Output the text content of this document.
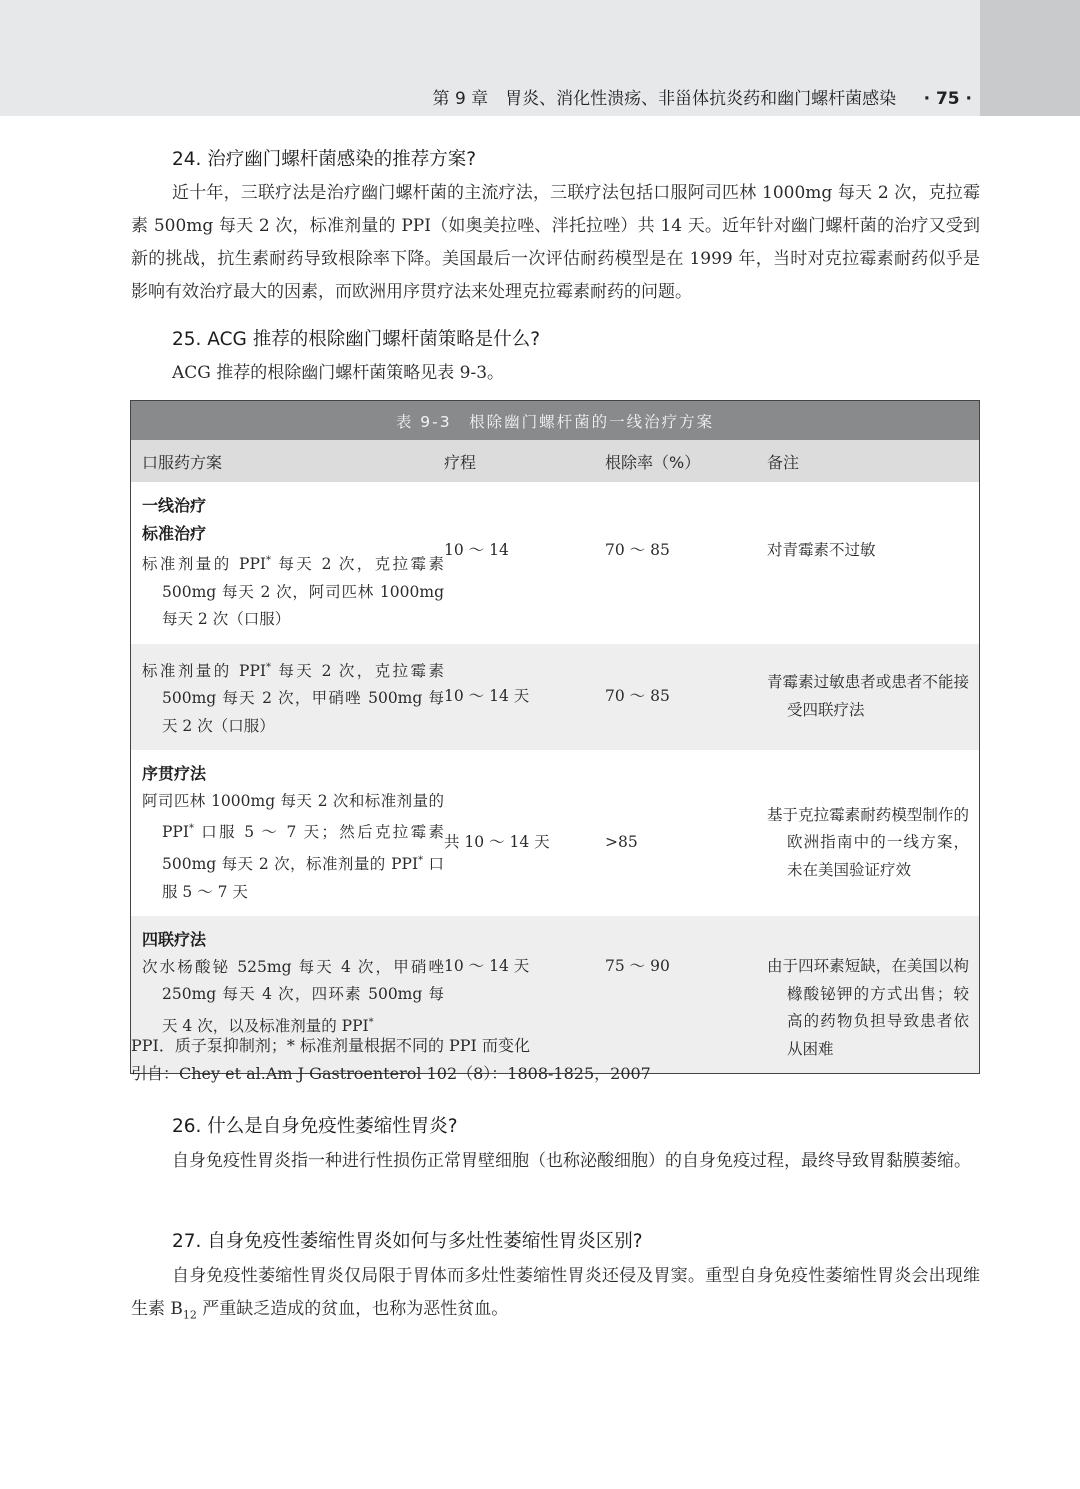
第 9 章　胃炎、消化性溃疡、非甾体抗炎药和幽门螺杆菌感染 · 75 ·
24. 治疗幽门螺杆菌感染的推荐方案?

近十年，三联疗法是治疗幽门螺杆菌的主流疗法，三联疗法包括口服阿司匹林 1000mg 每天 2 次，克拉霉素 500mg 每天 2 次，标准剂量的 PPI（如奥美拉唑、泮托拉唑）共 14 天。近年针对幽门螺杆菌的治疗又受到新的挑战，抗生素耐药导致根除率下降。美国最后一次评估耐药模型是在 1999 年，当时对克拉霉素耐药似乎是影响有效治疗最大的因素，而欧洲用序贯疗法来处理克拉霉素耐药的问题。

25. ACG 推荐的根除幽门螺杆菌策略是什么?

ACG 推荐的根除幽门螺杆菌策略见表 9-3。

表 9-3　根除幽门螺杆菌的一线治疗方案			
口服药方案	疗程	根除率（%）	备注

一线治疗
标准治疗
标准剂量的 PPI* 每天 2 次，克拉霉素 500mg 每天 2 次，阿司匹林 1000mg 每天 2 次（口服）	10 ～ 14	70 ～ 85	对青霉素不过敏

标准剂量的 PPI* 每天 2 次，克拉霉素 500mg 每天 2 次，甲硝唑 500mg 每天 2 次（口服）	10 ～ 14 天	70 ～ 85	青霉素过敏患者或患者不能接受四联疗法

序贯疗法
阿司匹林 1000mg 每天 2 次和标准剂量的 PPI* 口服 5 ～ 7 天；然后克拉霉素 500mg 每天 2 次，标准剂量的 PPI* 口服 5 ～ 7 天	共 10 ～ 14 天	>85	基于克拉霉素耐药模型制作的欧洲指南中的一线方案，未在美国验证疗效

四联疗法
次水杨酸铋 525mg 每天 4 次，甲硝唑 250mg 每天 4 次，四环素 500mg 每天 4 次，以及标准剂量的 PPI*	10 ～ 14 天	75 ～ 90	由于四环素短缺，在美国以枸橼酸铋钾的方式出售；较高的药物负担导致患者依从困难
PPI．质子泵抑制剂；* 标准剂量根据不同的 PPI 而变化
引自：Chey et al.Am J Gastroenterol 102（8）：1808-1825，2007
26. 什么是自身免疫性萎缩性胃炎?

自身免疫性胃炎指一种进行性损伤正常胃壁细胞（也称泌酸细胞）的自身免疫过程，最终导致胃黏膜萎缩。

27. 自身免疫性萎缩性胃炎如何与多灶性萎缩性胃炎区别?

自身免疫性萎缩性胃炎仅局限于胃体而多灶性萎缩性胃炎还侵及胃窦。重型自身免疫性萎缩性胃炎会出现维生素 $B_{12}$ 严重缺乏造成的贫血，也称为恶性贫血。
